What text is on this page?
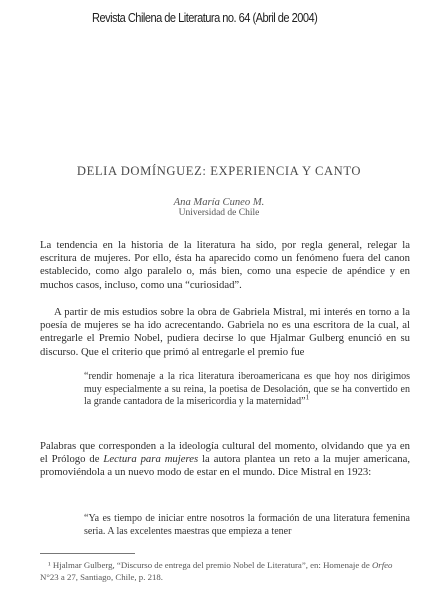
Revista Chilena de Literatura no. 64 (Abril de 2004)
DELIA DOMÍNGUEZ: EXPERIENCIA Y CANTO
Ana María Cuneo M.
Universidad de Chile

La tendencia en la historia de la literatura ha sido, por regla general, relegar la escritura de mujeres. Por ello, ésta ha aparecido como un fenómeno fuera del canon establecido, como algo paralelo o, más bien, como una especie de apéndice y en muchos casos, incluso, como una “curiosidad”.

A partir de mis estudios sobre la obra de Gabriela Mistral, mi interés en torno a la poesía de mujeres se ha ido acrecentando. Gabriela no es una escritora de la cual, al entregarle el Premio Nobel, pudiera decirse lo que Hjalmar Gulberg enunció en su discurso. Que el criterio que primó al entregarle el premio fue

“rendir homenaje a la rica literatura iberoamericana es que hoy nos dirigimos muy especialmente a su reina, la poetisa de Desolación, que se ha convertido en la grande cantadora de la misericordia y la maternidad”$^1$

Palabras que corresponden a la ideología cultural del momento, olvidando que ya en el Prólogo de Lectura para mujeres la autora plantea un reto a la mujer americana, promoviéndola a un nuevo modo de estar en el mundo. Dice Mistral en 1923:

“Ya es tiempo de iniciar entre nosotros la formación de una literatura femenina seria. A las excelentes maestras que empieza a tener
¹ Hjalmar Gulberg, “Discurso de entrega del premio Nobel de Literatura”, en: Homenaje de Orfeo N°23 a 27, Santiago, Chile, p. 218.
